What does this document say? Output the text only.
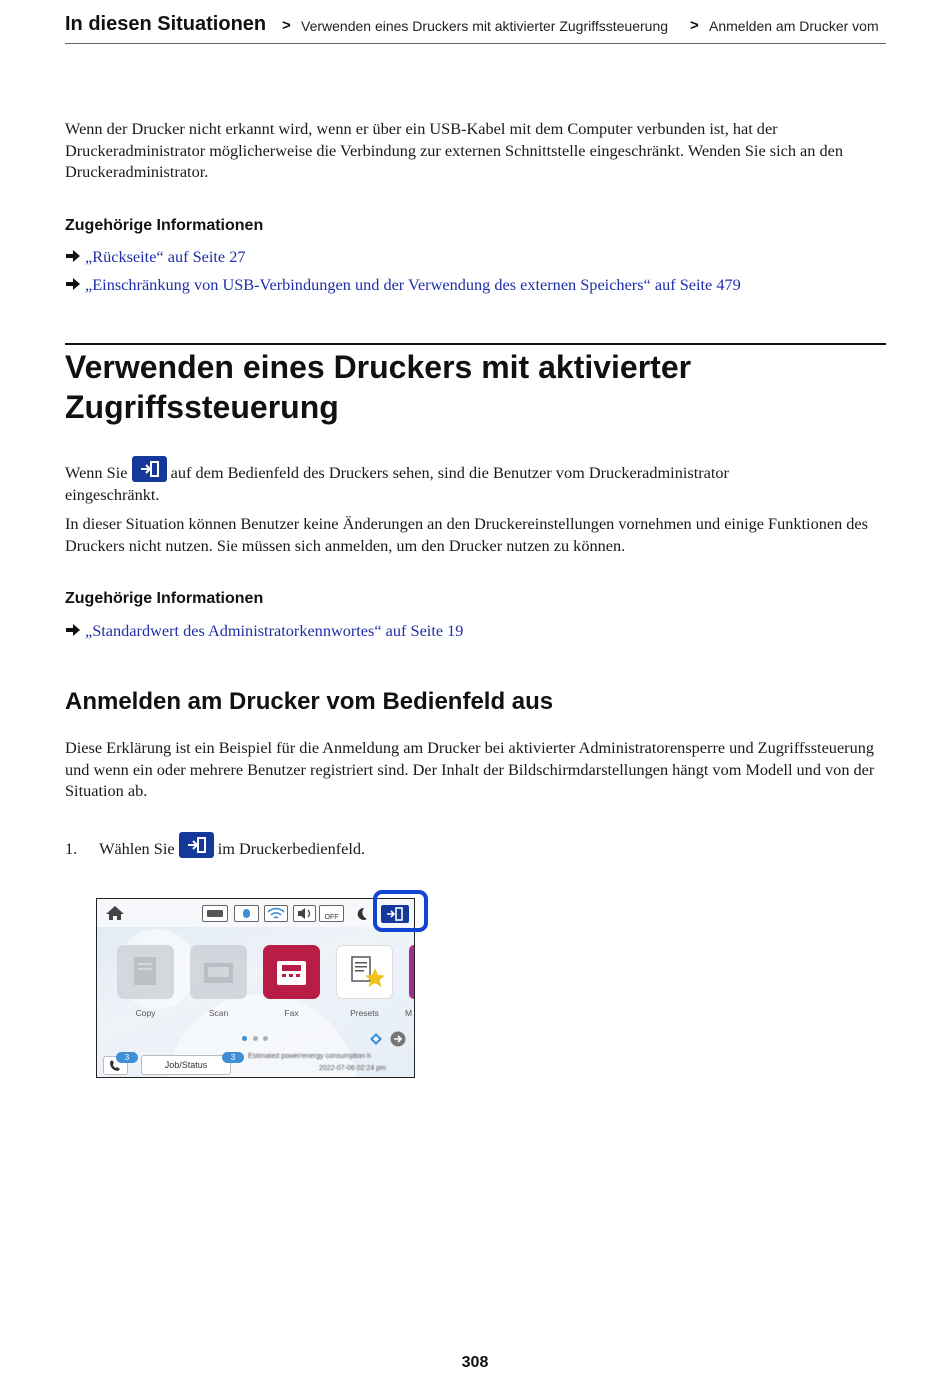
In diesen Situationen > Verwenden eines Druckers mit aktivierter Zugriffssteuerung > Anmelden am Drucker vom

Wenn der Drucker nicht erkannt wird, wenn er über ein USB-Kabel mit dem Computer verbunden ist, hat der Druckeradministrator möglicherweise die Verbindung zur externen Schnittstelle eingeschränkt. Wenden Sie sich an den Druckeradministrator.

Zugehörige Informationen
„Rückseite“ auf Seite 27
„Einschränkung von USB-Verbindungen und der Verwendung des externen Speichers“ auf Seite 479
Verwenden eines Druckers mit aktivierter Zugriffssteuerung

Wenn Sie	auf dem Bedienfeld des Druckers sehen, sind die Benutzer vom Druckeradministrator
eingeschränkt.

In dieser Situation können Benutzer keine Änderungen an den Druckereinstellungen vornehmen und einige Funktionen des Druckers nicht nutzen. Sie müssen sich anmelden, um den Drucker nutzen zu können.

Zugehörige Informationen
„Standardwert des Administratorkennwortes“ auf Seite 19
Anmelden am Drucker vom Bedienfeld aus

Diese Erklärung ist ein Beispiel für die Anmeldung am Drucker bei aktivierter Administratorensperre und Zugriffssteuerung und wenn ein oder mehrere Benutzer registriert sind. Der Inhalt der Bildschirmdarstellungen hängt vom Modell und von der Situation ab.

1. Wählen Sie	im Druckerbedienfeld.

OFF
Copy	Scan	Fax	Presets	M
3
Job/Status
3	Estimated power/energy consumption h
2022-07-06 02:24 pm
308
